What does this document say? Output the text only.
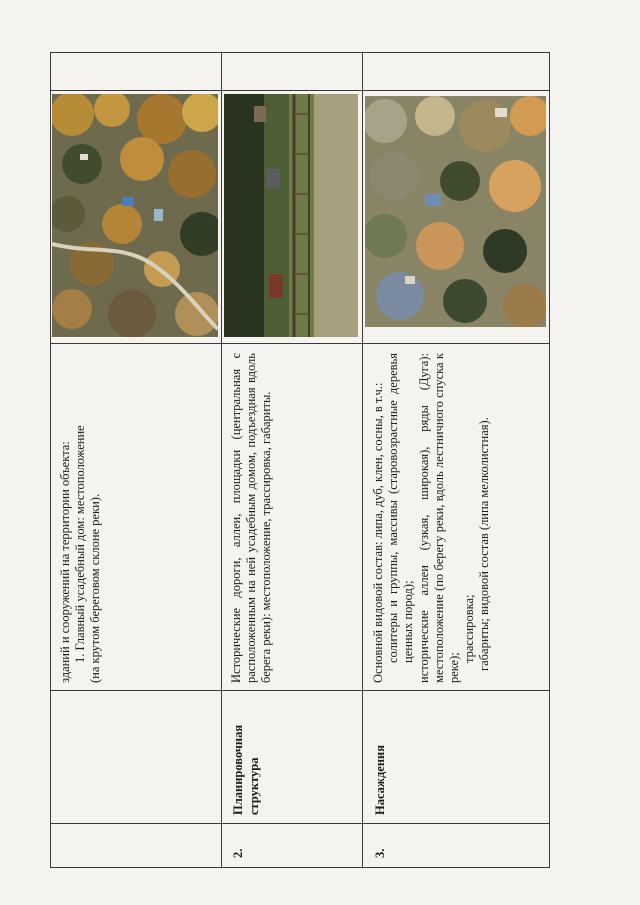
зданий и сооружений на территории объекта: 1. Главный усадебный дом: местоположение (на крутом береговом склоне реки).

2.
Планировочная структура

Исторические дороги, аллеи, площадки (центральная с расположенным на ней усадебным домом, подъездная вдоль берега реки): местоположение, трассировка, габариты.

3.
Насаждения

Основной видовой состав: липа, дуб, клен, сосны, в т.ч.: солитеры и группы, массивы (старовозрастные деревья ценных пород); исторические аллеи (узкая, широкая), ряды (Дуга): местоположение (по берегу реки, вдоль лестничного спуска к реке);

трассировка; габариты; видовой состав (липа мелколистная).
